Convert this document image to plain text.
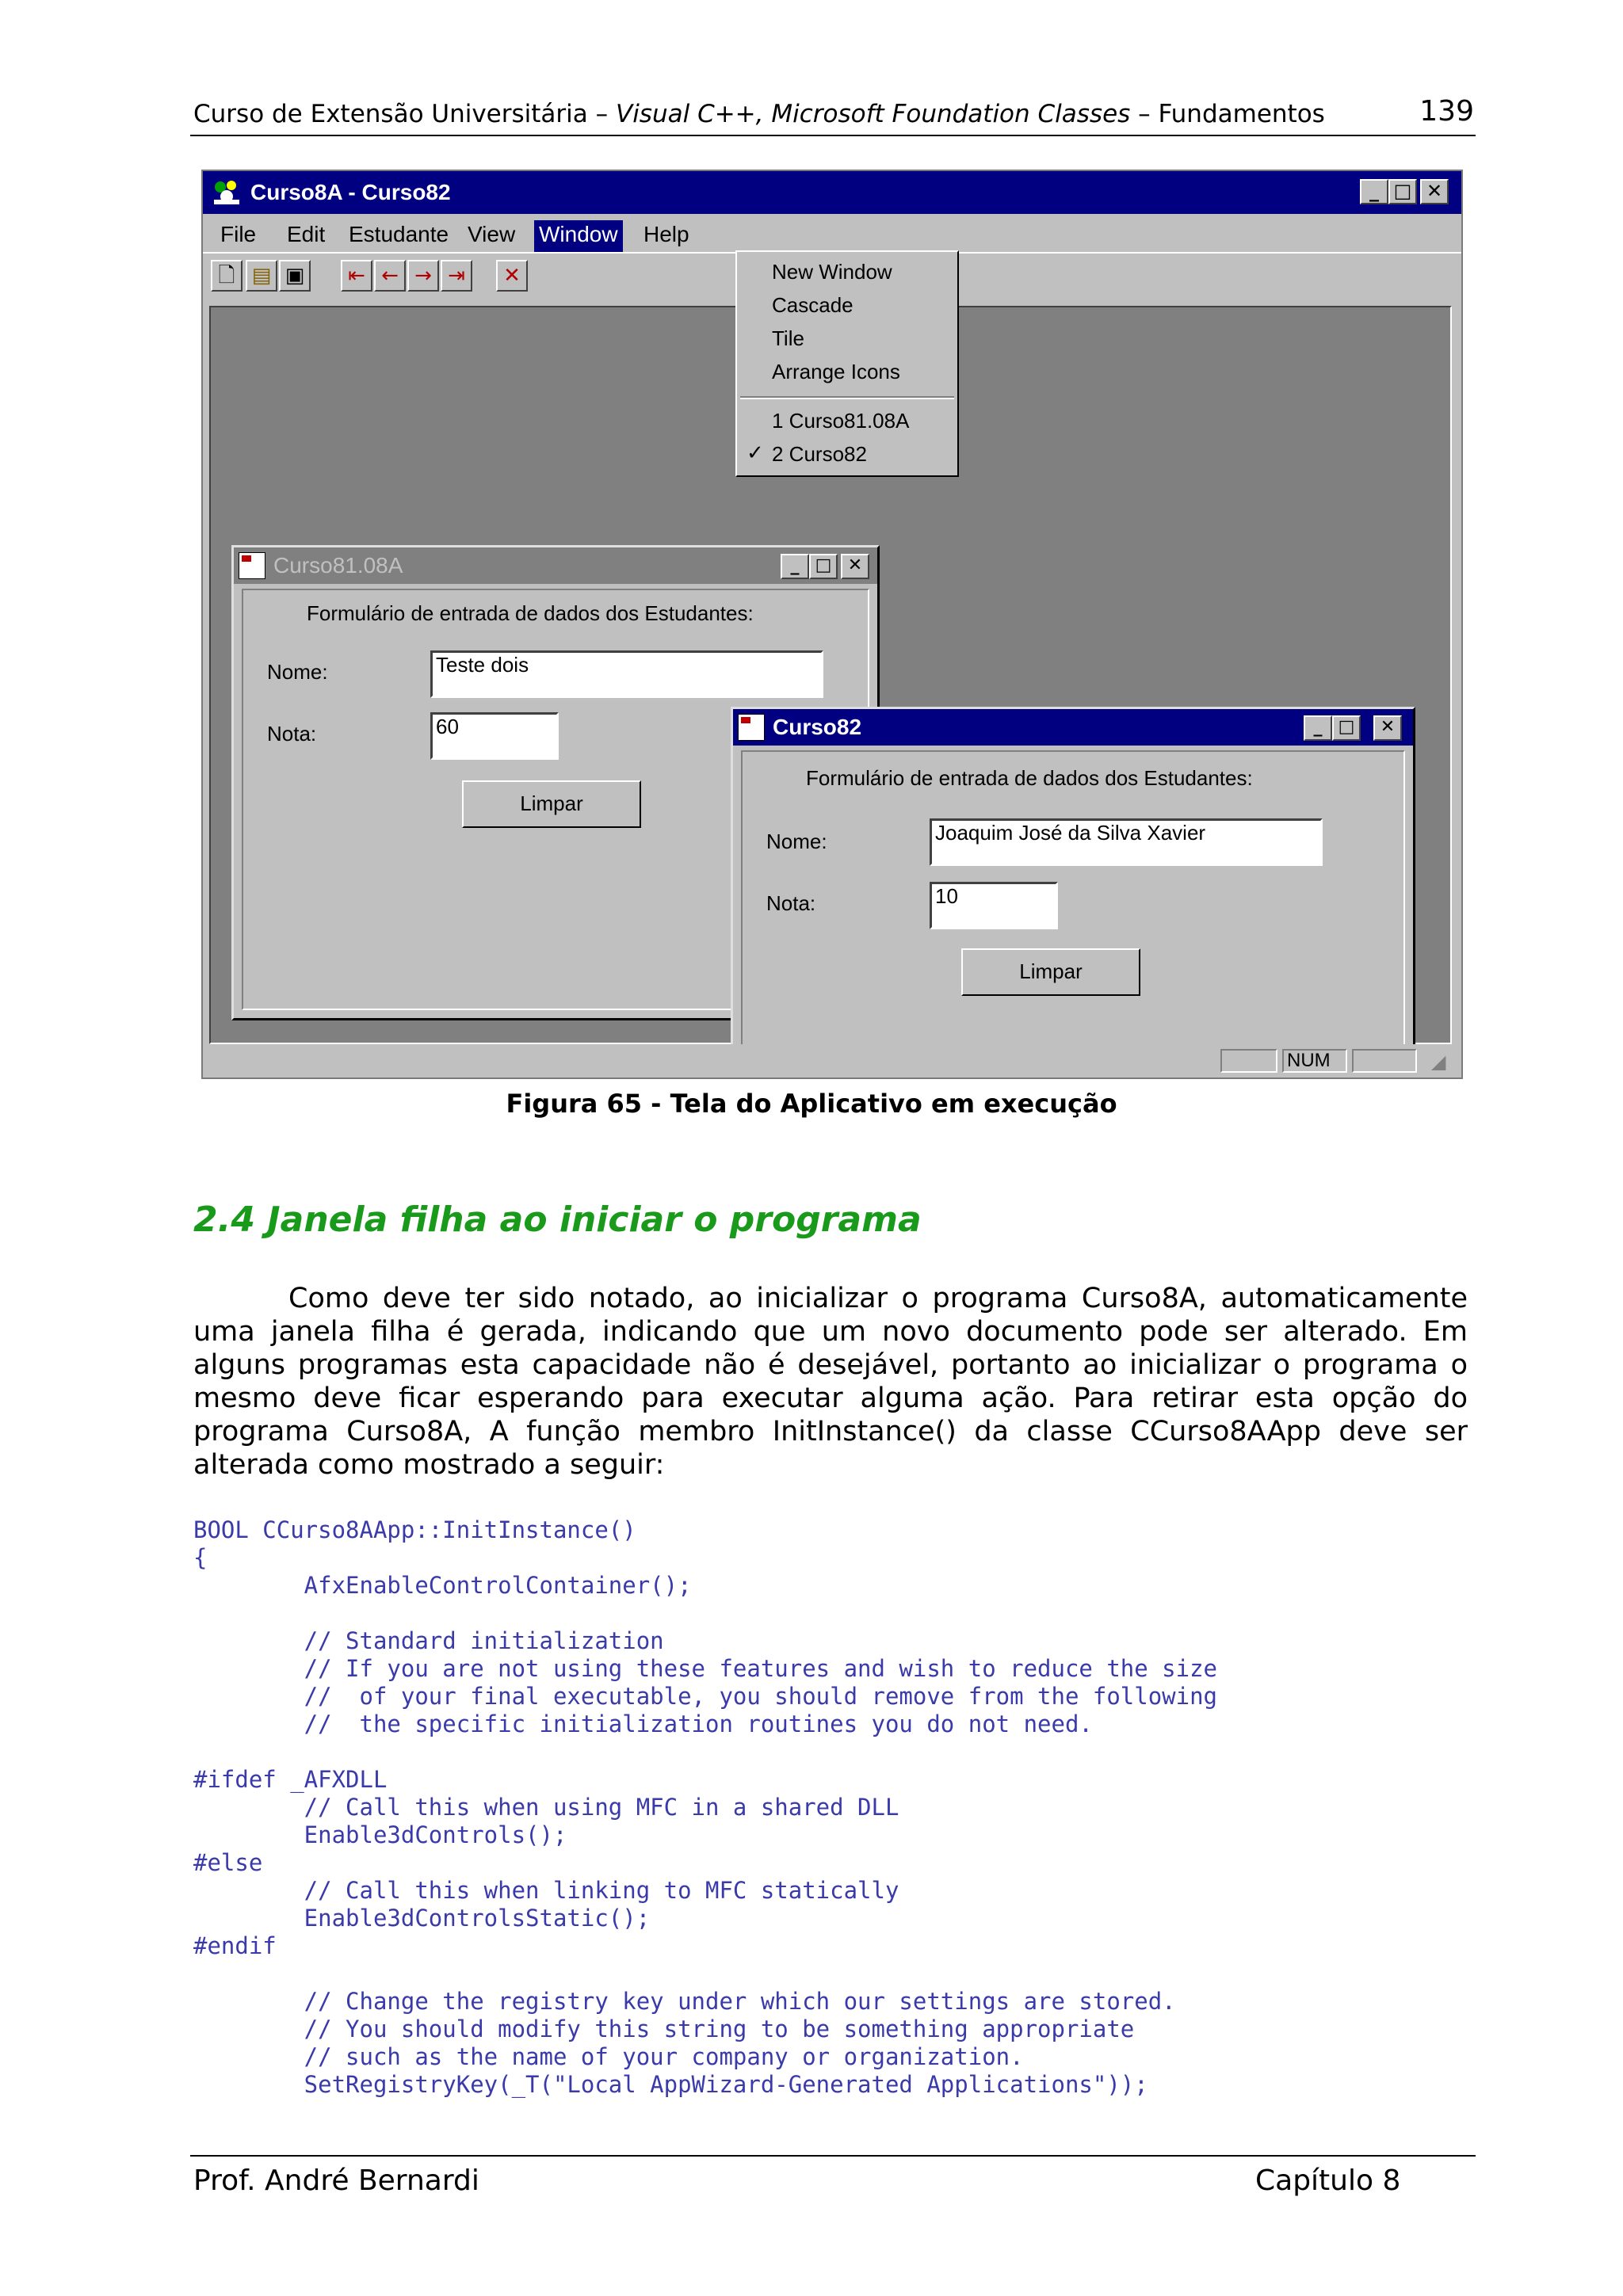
Curso de Extensão Universitária – Visual C++, Microsoft Foundation Classes – Fundamentos	139
Curso8A - Curso82	_ □ ✕
File Edit Estudante View Window Help
🗋 ▤ ▣	⇤ ← → ⇥	✕
Curso81.08A	_ □ ✕
Formulário de entrada de dados dos Estudantes:
Nome:	Teste dois
Nota:	60
Limpar
Curso82	_ □	✕
Formulário de entrada de dados dos Estudantes:
Nome:	Joaquim José da Silva Xavier
Nota:	10
Limpar
New Window
Cascade
Tile
Arrange Icons
1 Curso81.08A
✓ 2 Curso82
NUM	◢
Figura 65 - Tela do Aplicativo em execução
2.4 Janela filha ao iniciar o programa
Como deve ter sido notado, ao inicializar o programa Curso8A, automaticamente uma janela filha é gerada, indicando que um novo documento pode ser alterado. Em alguns programas esta capacidade não é desejável, portanto ao inicializar o programa o mesmo deve ficar esperando para executar alguma ação. Para retirar esta opção do programa Curso8A, A função membro InitInstance() da classe CCurso8AApp deve ser alterada como mostrado a seguir:
BOOL CCurso8AApp::InitInstance()
{
AfxEnableControlContainer();

// Standard initialization
// If you are not using these features and wish to reduce the size
//  of your final executable, you should remove from the following
//  the specific initialization routines you do not need.

#ifdef _AFXDLL
// Call this when using MFC in a shared DLL
Enable3dControls();
#else
// Call this when linking to MFC statically
Enable3dControlsStatic();
#endif

// Change the registry key under which our settings are stored.
// You should modify this string to be something appropriate
// such as the name of your company or organization.
SetRegistryKey(_T("Local AppWizard-Generated Applications"));
Prof. André Bernardi	Capítulo 8
